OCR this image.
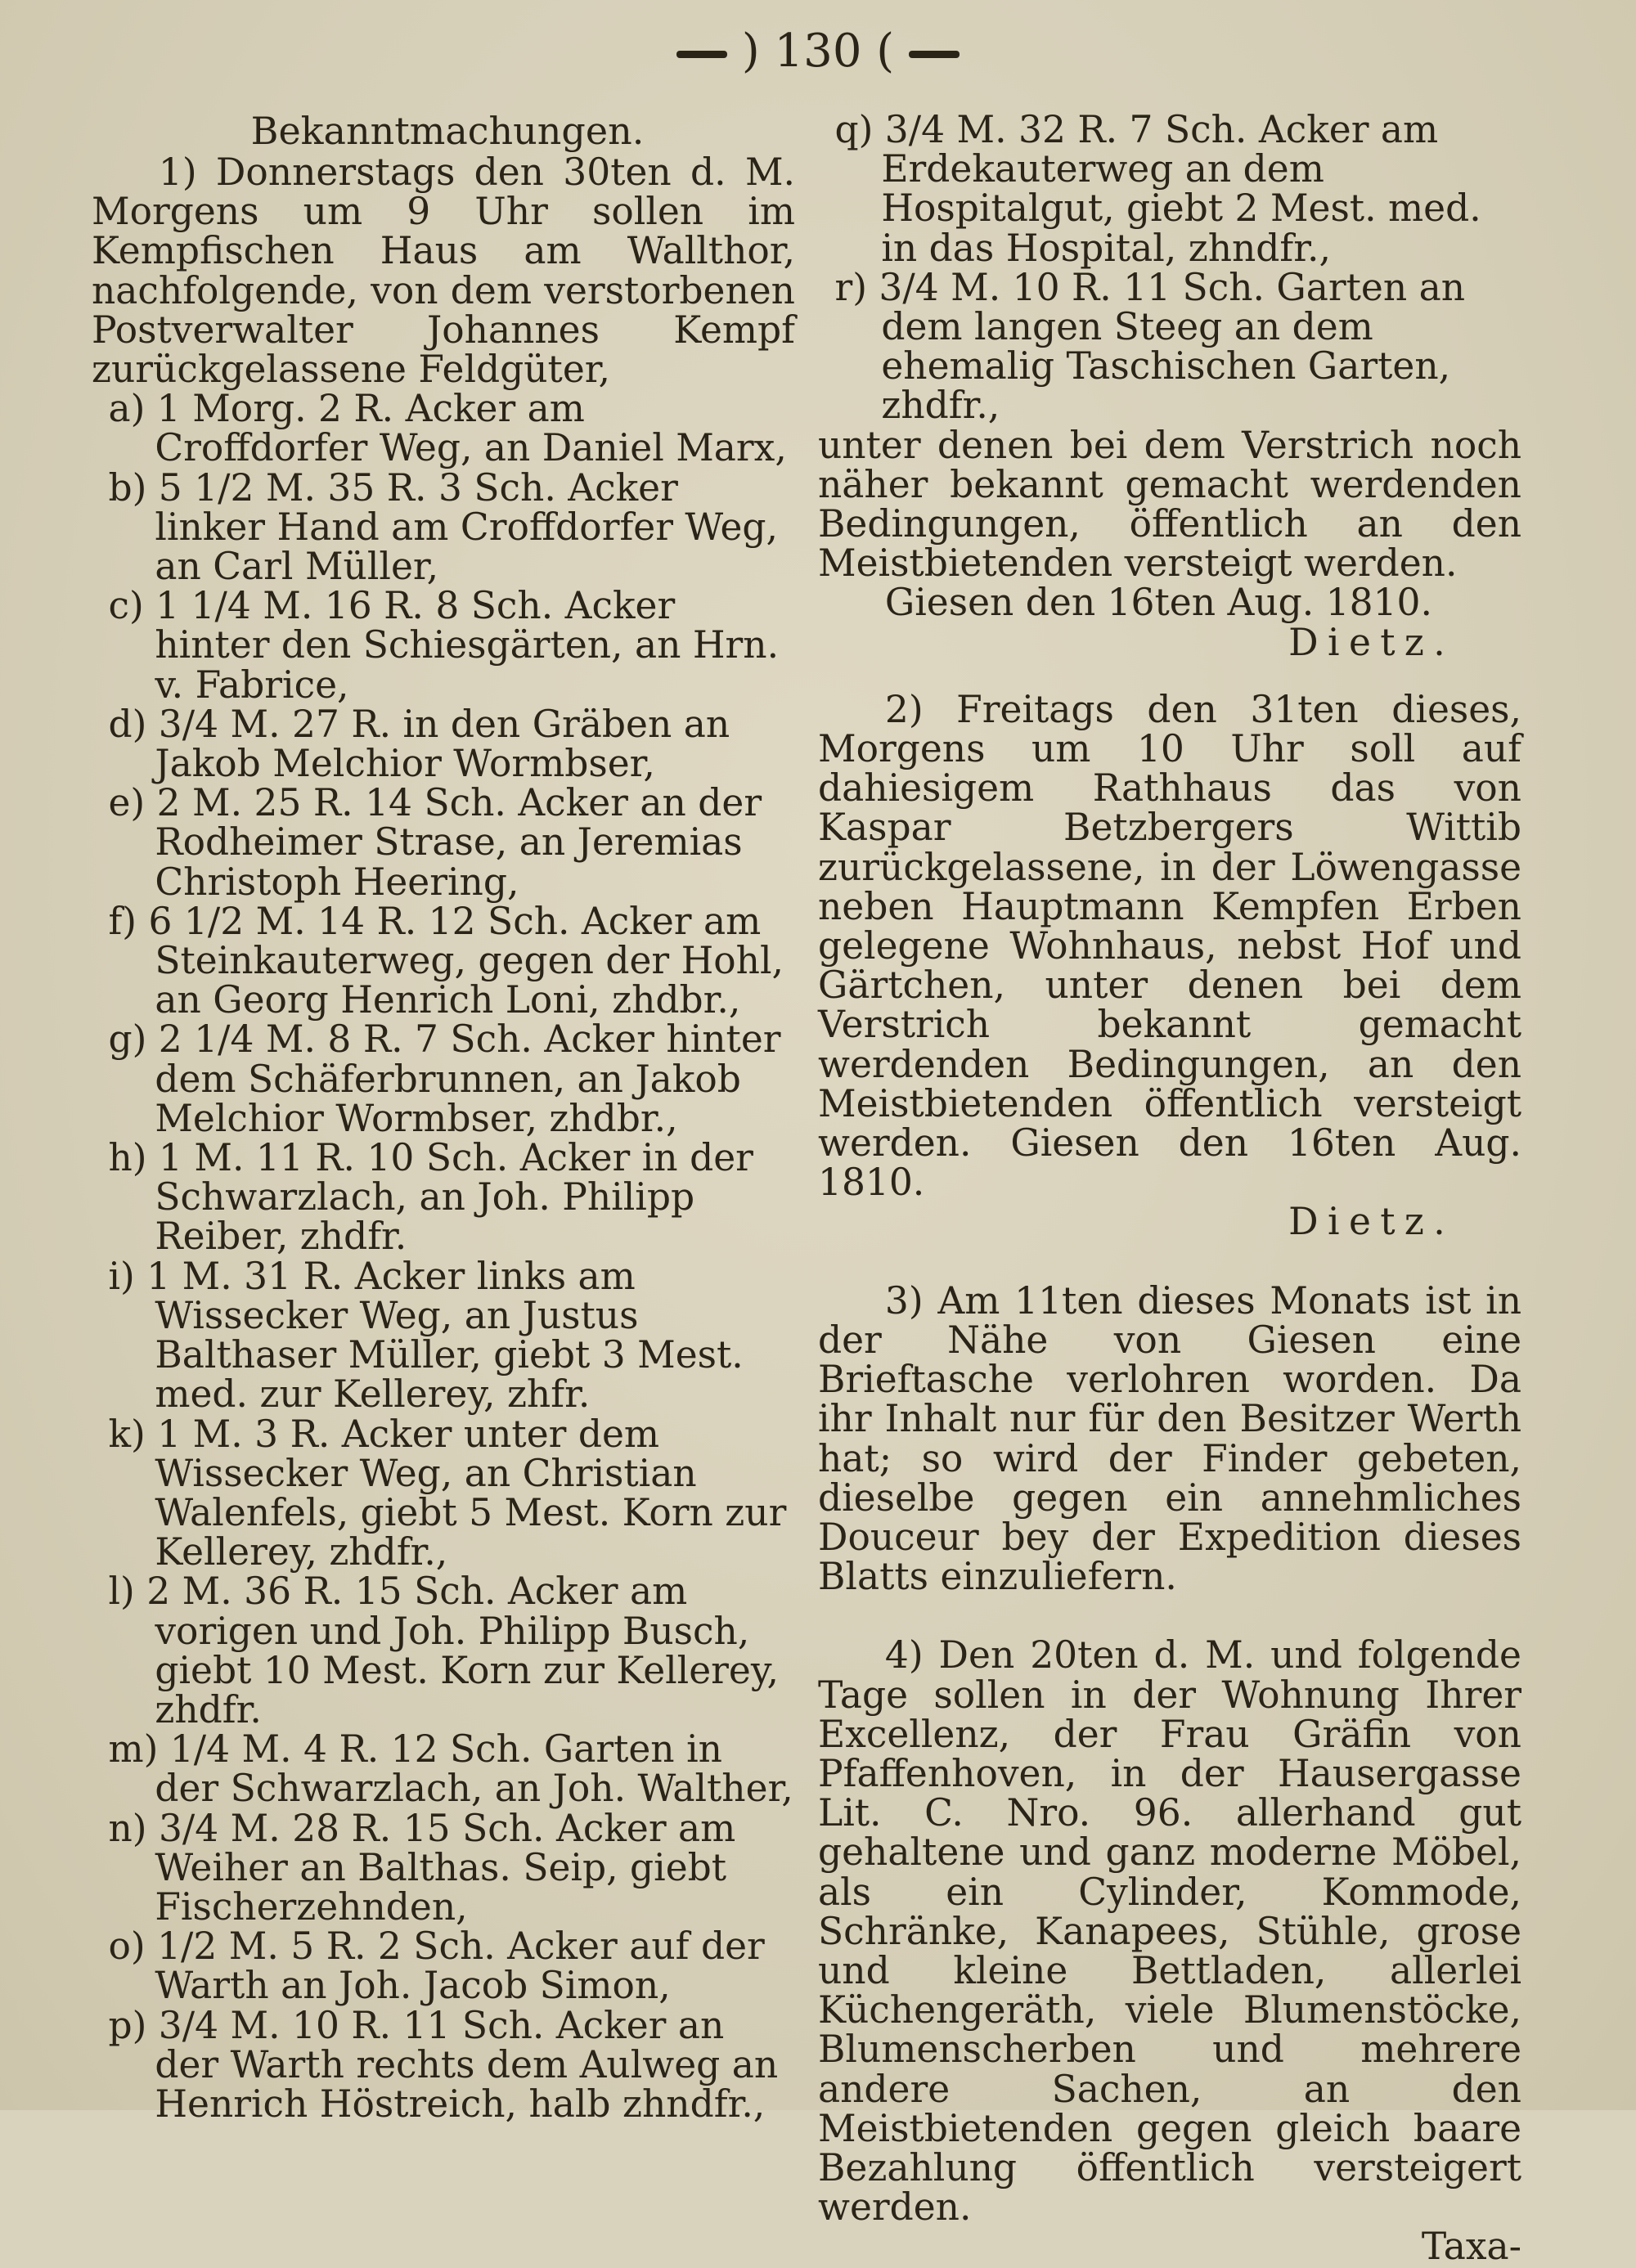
) 130 (
Bekanntmachungen.

1) Donnerstags den 30ten d. M. Morgens um 9 Uhr sollen im Kempfischen Haus am Wallthor, nachfolgende, von dem verstorbenen Postverwalter Johannes Kempf zurückgelassene Feldgüter,

a) 1 Morg. 2 R. Acker am Croffdorfer Weg, an Daniel Marx,

b) 5 1/2 M. 35 R. 3 Sch. Acker linker Hand am Croffdorfer Weg, an Carl Müller,

c) 1 1/4 M. 16 R. 8 Sch. Acker hinter den Schiesgärten, an Hrn. v. Fabrice,

d) 3/4 M. 27 R. in den Gräben an Jakob Melchior Wormbser,

e) 2 M. 25 R. 14 Sch. Acker an der Rodheimer Strase, an Jeremias Christoph Heering,

f) 6 1/2 M. 14 R. 12 Sch. Acker am Steinkauterweg, gegen der Hohl, an Georg Henrich Loni, zhdbr.,

g) 2 1/4 M. 8 R. 7 Sch. Acker hinter dem Schäferbrunnen, an Jakob Melchior Wormbser, zhdbr.,

h) 1 M. 11 R. 10 Sch. Acker in der Schwarzlach, an Joh. Philipp Reiber, zhdfr.

i) 1 M. 31 R. Acker links am Wissecker Weg, an Justus Balthaser Müller, giebt 3 Mest. med. zur Kellerey, zhfr.

k) 1 M. 3 R. Acker unter dem Wissecker Weg, an Christian Walenfels, giebt 5 Mest. Korn zur Kellerey, zhdfr.,

l) 2 M. 36 R. 15 Sch. Acker am vorigen und Joh. Philipp Busch, giebt 10 Mest. Korn zur Kellerey, zhdfr.

m) 1/4 M. 4 R. 12 Sch. Garten in der Schwarzlach, an Joh. Walther,

n) 3/4 M. 28 R. 15 Sch. Acker am Weiher an Balthas. Seip, giebt Fischerzehnden,

o) 1/2 M. 5 R. 2 Sch. Acker auf der Warth an Joh. Jacob Simon,

p) 3/4 M. 10 R. 11 Sch. Acker an der Warth rechts dem Aulweg an Henrich Höstreich, halb zhndfr.,

q) 3/4 M. 32 R. 7 Sch. Acker am Erdekauterweg an dem Hospitalgut, giebt 2 Mest. med. in das Hospital, zhndfr.,

r) 3/4 M. 10 R. 11 Sch. Garten an dem langen Steeg an dem ehemalig Taschischen Garten, zhdfr.,

unter denen bei dem Verstrich noch näher bekannt gemacht werdenden Bedingungen, öffentlich an den Meistbietenden versteigt werden.

Giesen den 16ten Aug. 1810.

Dietz.

2) Freitags den 31ten dieses, Morgens um 10 Uhr soll auf dahiesigem Rathhaus das von Kaspar Betzbergers Wittib zurückgelassene, in der Löwengasse neben Hauptmann Kempfen Erben gelegene Wohnhaus, nebst Hof und Gärtchen, unter denen bei dem Verstrich bekannt gemacht werdenden Bedingungen, an den Meistbietenden öffentlich versteigt werden. Giesen den 16ten Aug. 1810.

Dietz.

3) Am 11ten dieses Monats ist in der Nähe von Giesen eine Brieftasche verlohren worden. Da ihr Inhalt nur für den Besitzer Werth hat; so wird der Finder gebeten, dieselbe gegen ein annehmliches Douceur bey der Expedition dieses Blatts einzuliefern.

4) Den 20ten d. M. und folgende Tage sollen in der Wohnung Ihrer Excellenz, der Frau Gräfin von Pfaffenhoven, in der Hausergasse Lit. C. Nro. 96. allerhand gut gehaltene und ganz moderne Möbel, als ein Cylinder, Kommode, Schränke, Kanapees, Stühle, grose und kleine Bettladen, allerlei Küchengeräth, viele Blumenstöcke, Blumenscherben und mehrere andere Sachen, an den Meistbietenden gegen gleich baare Bezahlung öffentlich versteigert werden.

Taxa-
